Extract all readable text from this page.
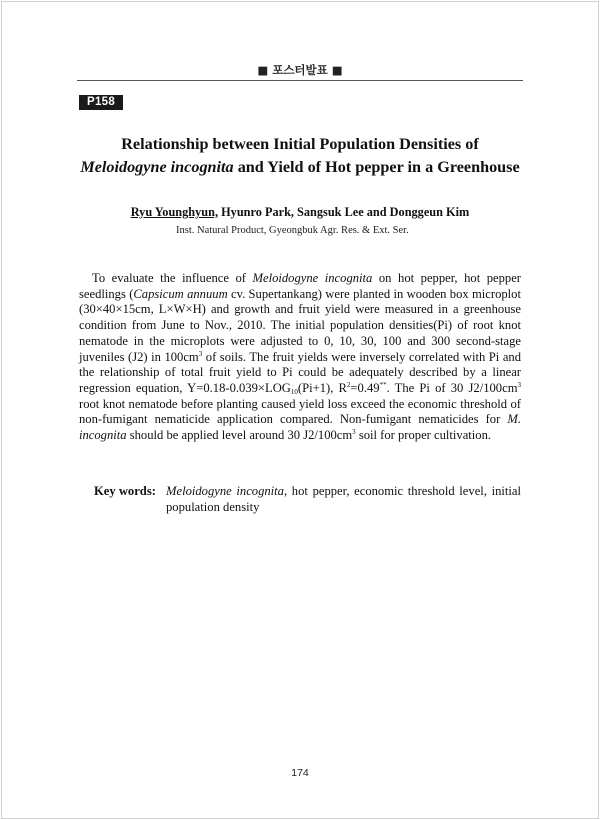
■ 포스터발표 ■
P158
Relationship between Initial Population Densities of
Meloidogyne incognita and Yield of Hot pepper in a Greenhouse
Ryu Younghyun, Hyunro Park, Sangsuk Lee and Donggeun Kim
Inst. Natural Product, Gyeongbuk Agr. Res. & Ext. Ser.

To evaluate the influence of Meloidogyne incognita on hot pepper, hot pepper seedlings (Capsicum annuum cv. Supertankang) were planted in wooden box microplot (30×40×15cm, L×W×H) and growth and fruit yield were measured in a greenhouse condition from June to Nov., 2010. The initial population densities(Pi) of root knot nematode in the microplots were adjusted to 0, 10, 30, 100 and 300 second-stage juveniles (J2) in $100cm^3$ of soils. The fruit yields were inversely correlated with Pi and the relationship of total fruit yield to Pi could be adequately described by a linear regression equation, $Y=0.18-0.039\times LOG_{10}(Pi+1)$, $R^2=0.49^{**}$. The Pi of 30 $J2/100cm^3$ root knot nematode before planting caused yield loss exceed the economic threshold of non-fumigant nematicide application compared. Non-fumigant nematicides for M. incognita should be applied level around 30 $J2/100cm^3$ soil for proper cultivation.

Key words: Meloidogyne incognita, hot pepper, economic threshold level, initial population density
174
